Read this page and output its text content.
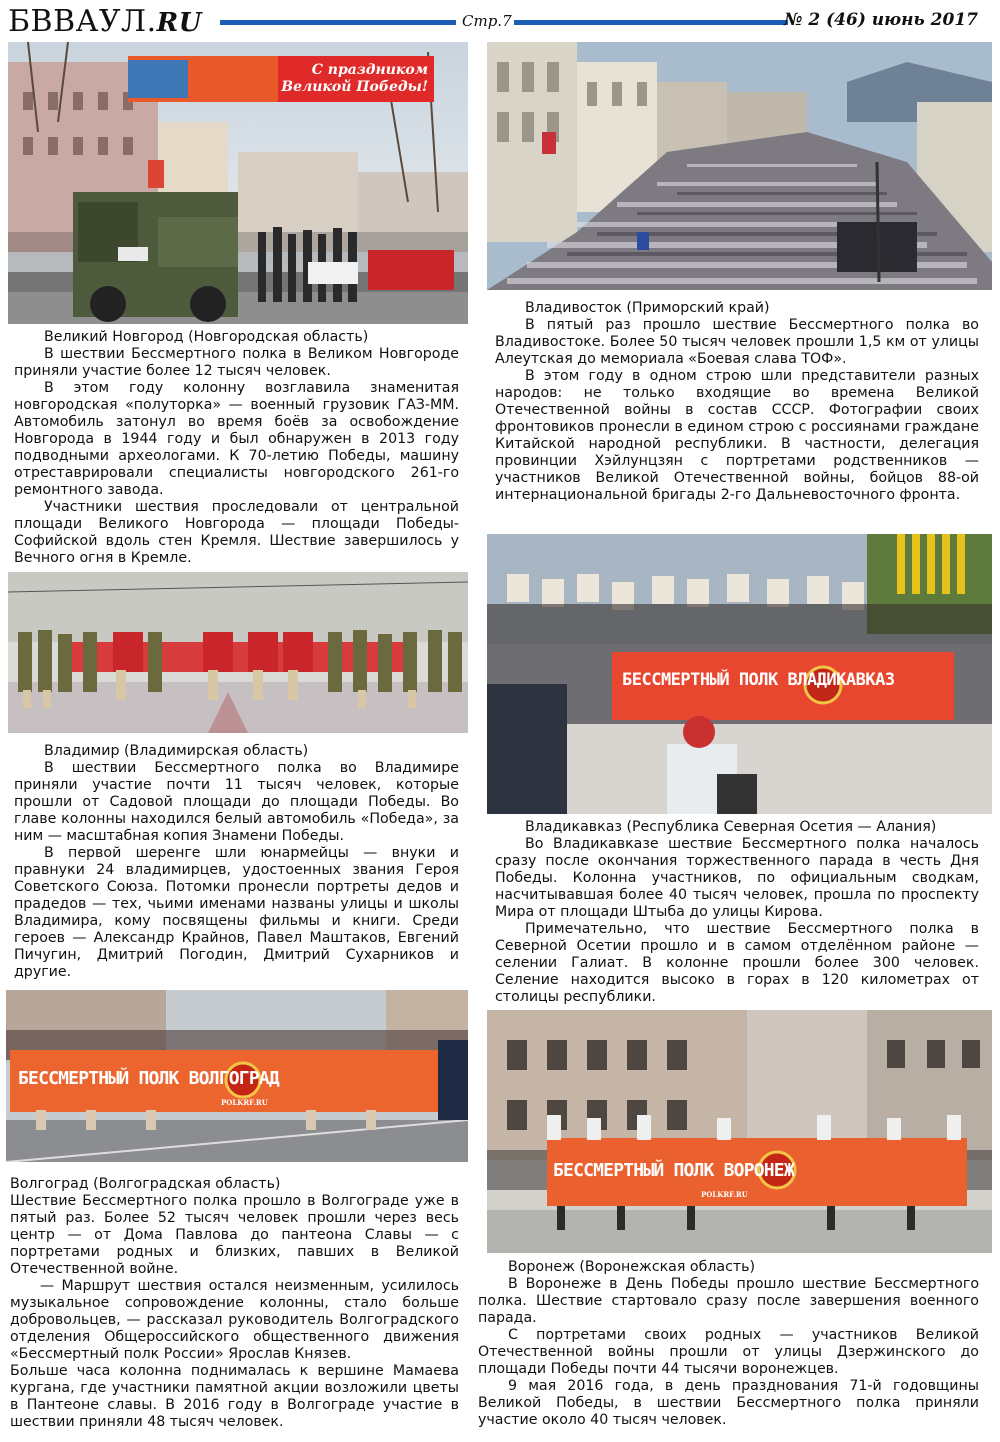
БВВАУЛ.RU	Стр.7	№ 2 (46) июнь 2017
С праздником Великой Победы!
Великий Новгород (Новгородская область)

В шествии Бессмертного полка в Великом Новгороде приняли участие более 12 тысяч человек.

В этом году колонну возглавила знаменитая новгородская «полуторка» — военный грузовик ГАЗ-ММ. Автомобиль затонул во время боёв за освобождение Новгорода в 1944 году и был обнаружен в 2013 году подводными археологами. К 70-летию Победы, машину отреставрировали специалисты новгородского 261-го ремонтного завода.

Участники шествия проследовали от центральной площади Великого Новгорода — площади Победы-Софийской вдоль стен Кремля. Шествие завершилось у Вечного огня в Кремле.

Владивосток (Приморский край)

В пятый раз прошло шествие Бессмертного полка во Владивостоке. Более 50 тысяч человек прошли 1,5 км от улицы Алеутская до мемориала «Боевая слава ТОФ».

В этом году в одном строю шли представители разных народов: не только входящие во времена Великой Отечественной войны в состав СССР. Фотографии своих фронтовиков пронесли в едином строю с россиянами граждане Китайской народной республики. В частности, делегация провинции Хэйлунцзян с портретами родственников — участников Великой Отечественной войны, бойцов 88-ой интернациональной бригады 2-го Дальневосточного фронта.

БЕССМЕРТНЫЙ ПОЛК ВЛАДИКАВКАЗ
Владимир (Владимирская область)

В шествии Бессмертного полка во Владимире приняли участие почти 11 тысяч человек, которые прошли от Садовой площади до площади Победы. Во главе колонны находился белый автомобиль «Победа», за ним — масштабная копия Знамени Победы.

В первой шеренге шли юнармейцы — внуки и правнуки 24 владимирцев, удостоенных звания Героя Советского Союза. Потомки пронесли портреты дедов и прадедов — тех, чьими именами названы улицы и школы Владимира, кому посвящены фильмы и книги. Среди героев — Александр Крайнов, Павел Маштаков, Евгений Пичугин, Дмитрий Погодин, Дмитрий Сухарников и другие.

Владикавказ (Республика Северная Осетия — Алания)

Во Владикавказе шествие Бессмертного полка началось сразу после окончания торжественного парада в честь Дня Победы. Колонна участников, по официальным сводкам, насчитывавшая более 40 тысяч человек, прошла по проспекту Мира от площади Штыба до улицы Кирова.

Примечательно, что шествие Бессмертного полка в Северной Осетии прошло и в самом отделённом районе — селении Галиат. В колонне прошли более 300 человек. Селение находится высоко в горах в 120 километрах от столицы республики.

БЕССМЕРТНЫЙ ПОЛК ВОЛГОГРАД
POLKRF.RU
БЕССМЕРТНЫЙ ПОЛК ВОРОНЕЖ
POLKRF.RU
Волгоград (Волгоградская область)

Шествие Бессмертного полка прошло в Волгограде уже в пятый раз. Более 52 тысяч человек прошли через весь центр — от Дома Павлова до пантеона Славы — с портретами родных и близких, павших в Великой Отечественной войне.

— Маршрут шествия остался неизменным, усилилось музыкальное сопровождение колонны, стало больше добровольцев, — рассказал руководитель Волгоградского отделения Общероссийского общественного движения «Бессмертный полк России» Ярослав Князев.

Больше часа колонна поднималась к вершине Мамаева кургана, где участники памятной акции возложили цветы в Пантеоне славы. В 2016 году в Волгограде участие в шествии приняли 48 тысяч человек.

Воронеж (Воронежская область)

В Воронеже в День Победы прошло шествие Бессмертного полка. Шествие стартовало сразу после завершения военного парада.

С портретами своих родных — участников Великой Отечественной войны прошли от улицы Дзержинского до площади Победы почти 44 тысячи воронежцев.

9 мая 2016 года, в день празднования 71-й годовщины Великой Победы, в шествии Бессмертного полка приняли участие около 40 тысяч человек.
